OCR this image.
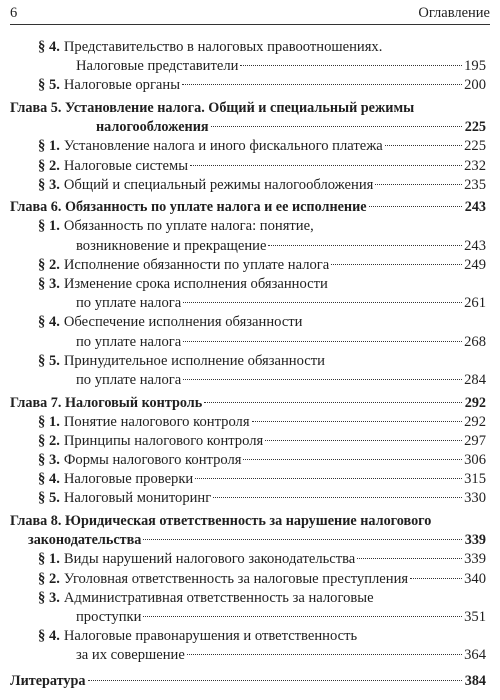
6	Оглавление
§ 4. Представительство в налоговых правоотношениях.
Налоговые представители	195
§ 5. Налоговые органы	200
Глава 5. Установление налога. Общий и специальный режимы
налогообложения	225
§ 1. Установление налога и иного фискального платежа	225
§ 2. Налоговые системы	232
§ 3. Общий и специальный режимы налогообложения	235
Глава 6. Обязанность по уплате налога и ее исполнение	243
§ 1. Обязанность по уплате налога: понятие,
возникновение и прекращение	243
§ 2. Исполнение обязанности по уплате налога	249
§ 3. Изменение срока исполнения обязанности
по уплате налога	261
§ 4. Обеспечение исполнения обязанности
по уплате налога	268
§ 5. Принудительное исполнение обязанности
по уплате налога	284
Глава 7. Налоговый контроль	292
§ 1. Понятие налогового контроля	292
§ 2. Принципы налогового контроля	297
§ 3. Формы налогового контроля	306
§ 4. Налоговые проверки	315
§ 5. Налоговый мониторинг	330
Глава 8. Юридическая ответственность за нарушение налогового
законодательства	339
§ 1. Виды нарушений налогового законодательства	339
§ 2. Уголовная ответственность за налоговые преступления	340
§ 3. Административная ответственность за налоговые
проступки	351
§ 4. Налоговые правонарушения и ответственность
за их совершение	364
Литература	384
